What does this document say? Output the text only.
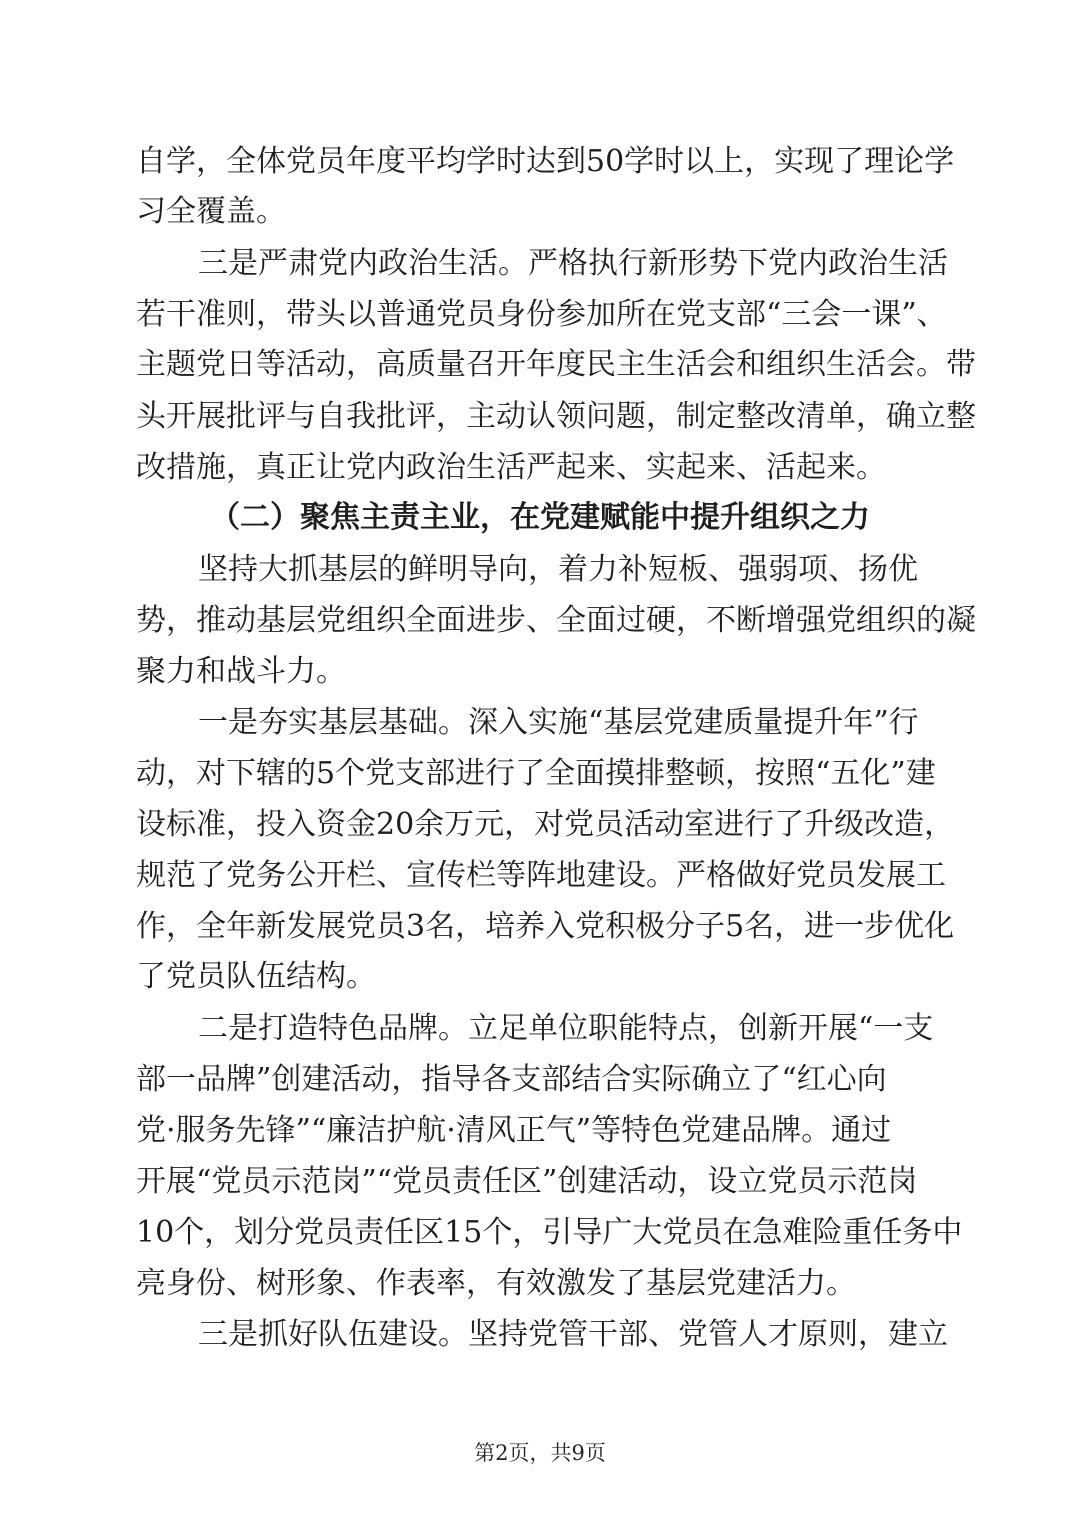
自学，全体党员年度平均学时达到50学时以上，实现了理论学
习全覆盖。
三是严肃党内政治生活。严格执行新形势下党内政治生活
若干准则，带头以普通党员身份参加所在党支部“三会一课”、
主题党日等活动，高质量召开年度民主生活会和组织生活会。带
头开展批评与自我批评，主动认领问题，制定整改清单，确立整
改措施，真正让党内政治生活严起来、实起来、活起来。
（二）聚焦主责主业，在党建赋能中提升组织之力
坚持大抓基层的鲜明导向，着力补短板、强弱项、扬优
势，推动基层党组织全面进步、全面过硬，不断增强党组织的凝
聚力和战斗力。
一是夯实基层基础。深入实施“基层党建质量提升年”行
动，对下辖的5个党支部进行了全面摸排整顿，按照“五化”建
设标准，投入资金20余万元，对党员活动室进行了升级改造，
规范了党务公开栏、宣传栏等阵地建设。严格做好党员发展工
作，全年新发展党员3名，培养入党积极分子5名，进一步优化
了党员队伍结构。
二是打造特色品牌。立足单位职能特点，创新开展“一支
部一品牌”创建活动，指导各支部结合实际确立了“红心向
党·服务先锋”“廉洁护航·清风正气”等特色党建品牌。通过
开展“党员示范岗”“党员责任区”创建活动，设立党员示范岗
10个，划分党员责任区15个，引导广大党员在急难险重任务中
亮身份、树形象、作表率，有效激发了基层党建活力。
三是抓好队伍建设。坚持党管干部、党管人才原则，建立
第2页，共9页
